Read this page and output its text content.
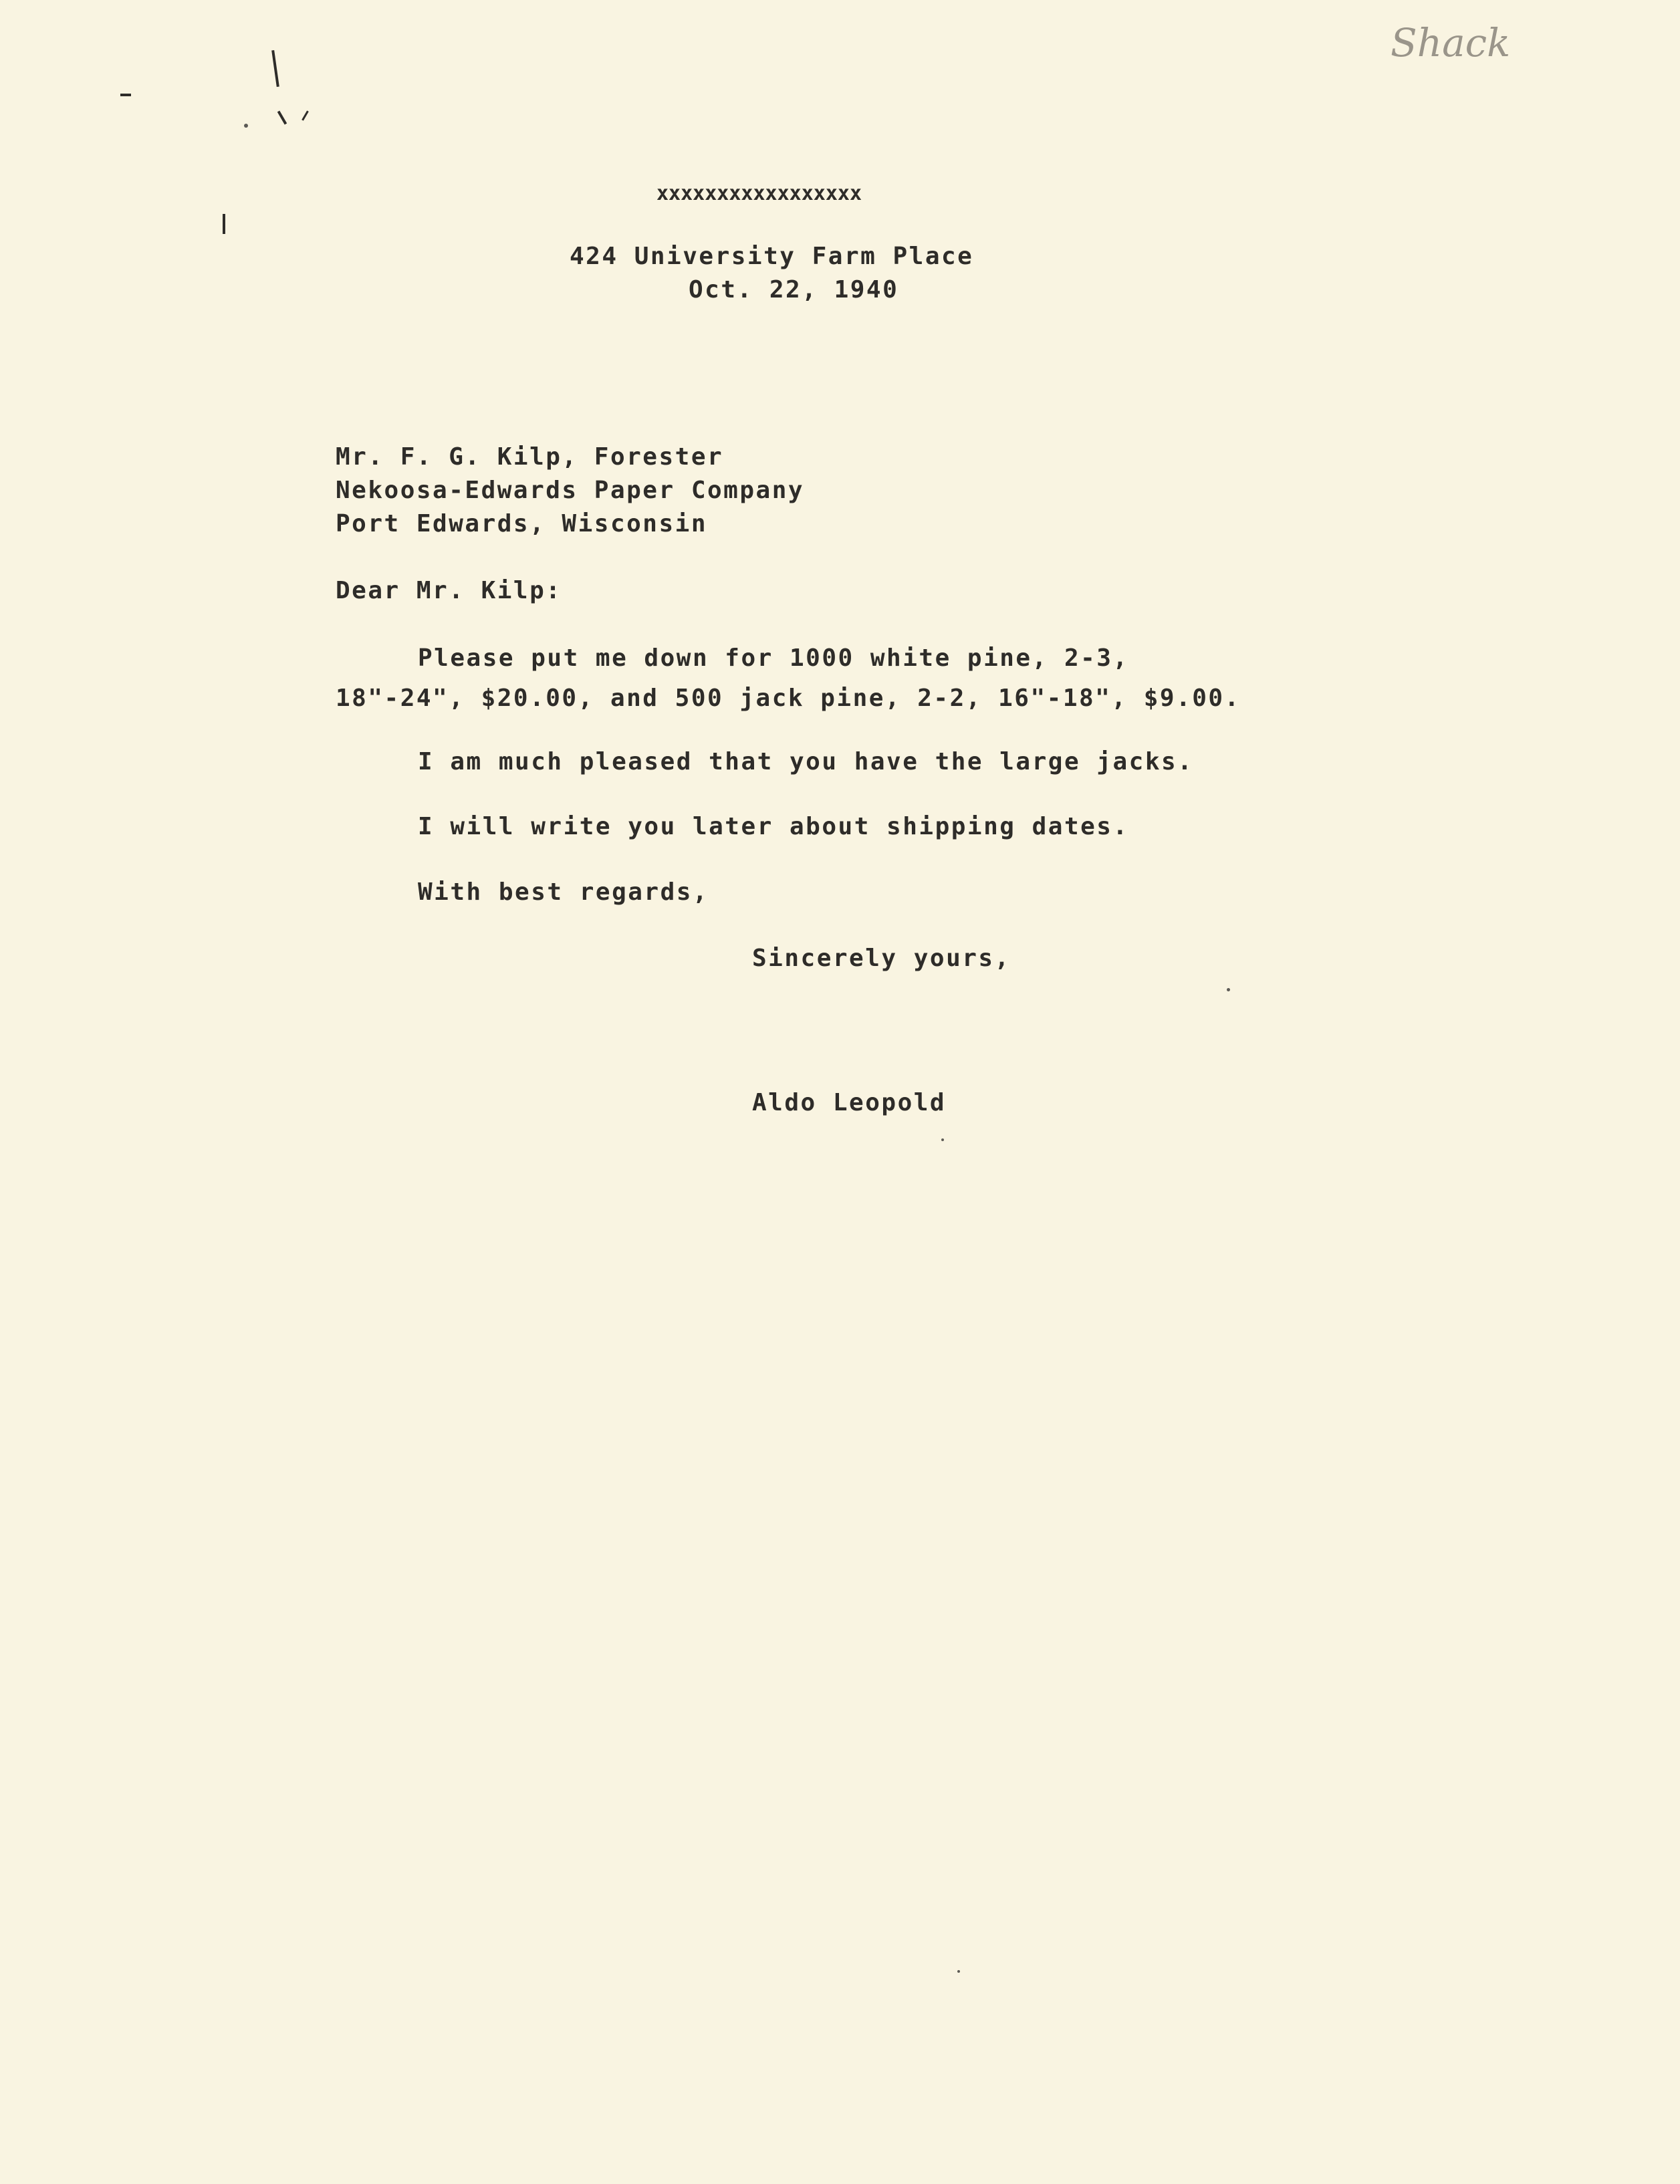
Shack

xxxxxxxxxxxxxxxxx

424 University Farm Place

Oct. 22, 1940

Mr. F. G. Kilp, Forester

Nekoosa-Edwards Paper Company

Port Edwards, Wisconsin

Dear Mr. Kilp:

Please put me down for 1000 white pine, 2-3,

18"-24", $20.00, and 500 jack pine, 2-2, 16"-18", $9.00.

I am much pleased that you have the large jacks.

I will write you later about shipping dates.

With best regards,

Sincerely yours,

Aldo Leopold
